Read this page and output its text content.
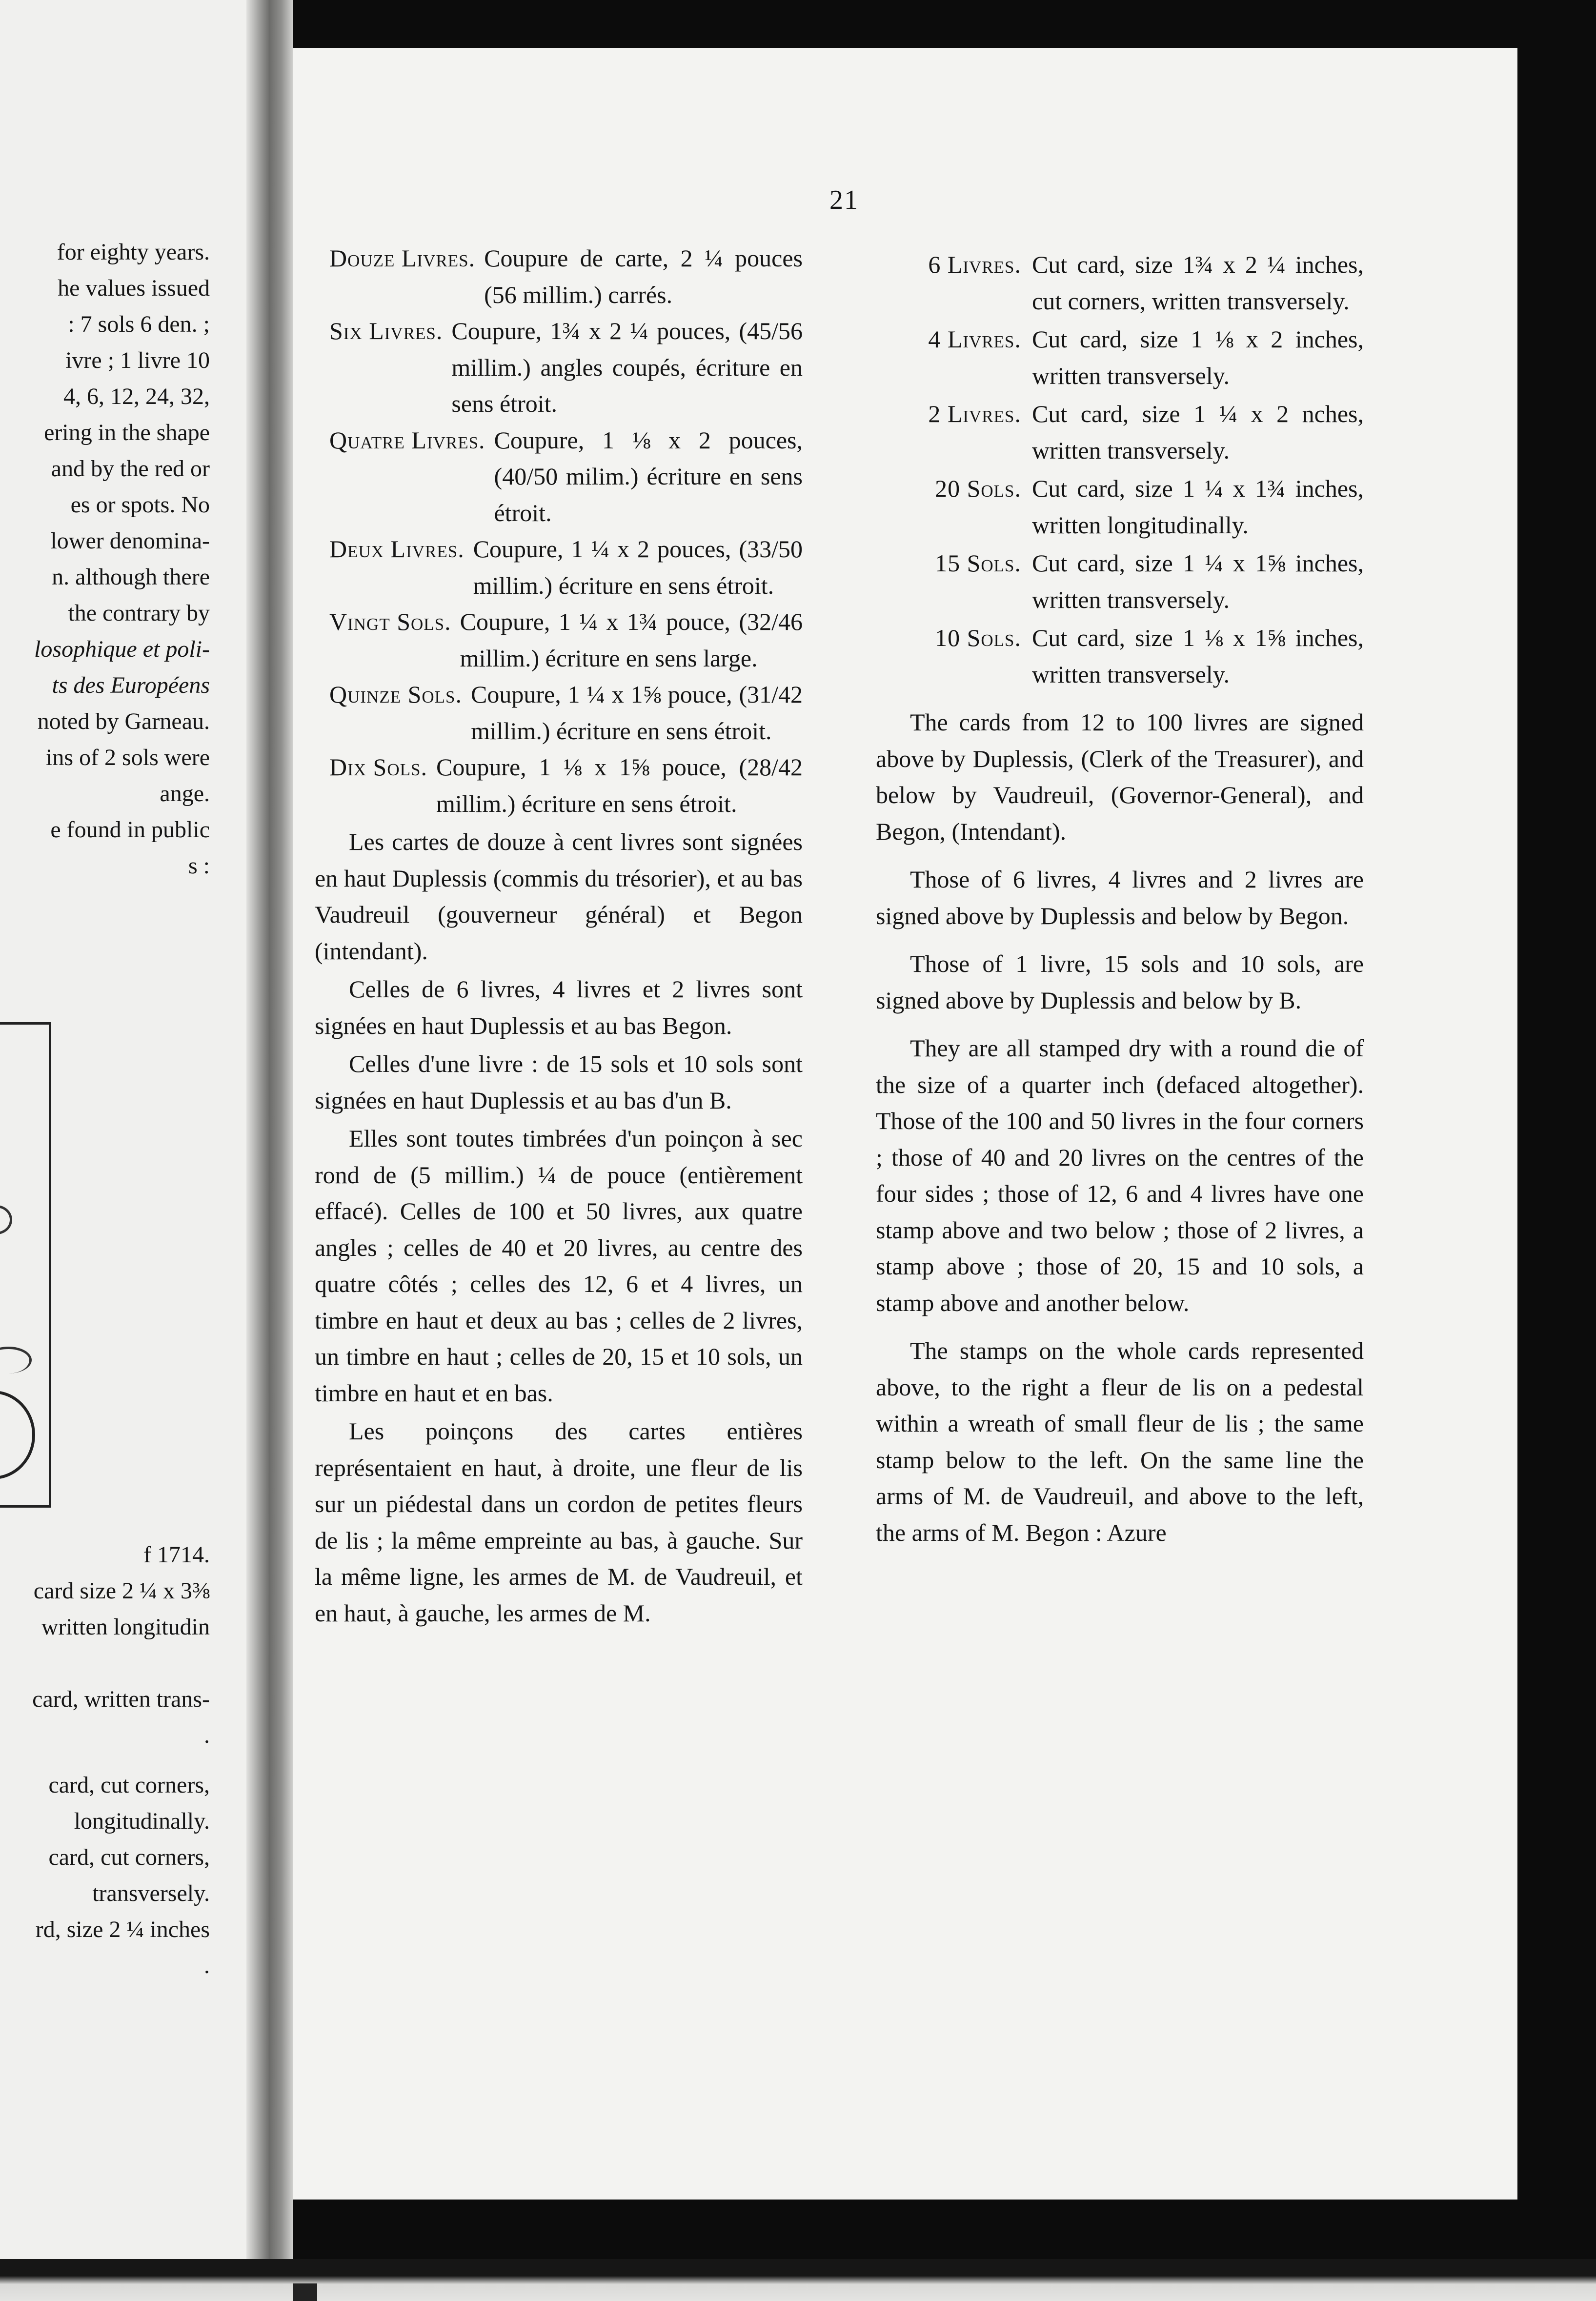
for eighty years.
he values issued
: 7 sols 6 den. ;
ivre ; 1 livre 10
4, 6, 12, 24, 32,
ering in the shape
and by the red or
es or spots. No
lower denomina-
n. although there
the contrary by
losophique et poli-
ts des Européens
noted by Garneau.
ins of 2 sols were
ange.
e found in public
s :
f 1714.
card size 2 ¼ x 3⅜
written longitudin
card, written trans-
.
card, cut corners,
longitudinally.
card, cut corners,
transversely.
rd, size 2 ¼ inches
.
21
Douze Livres. Coupure de carte, 2 ¼ pouces (56 millim.) carrés.
Six Livres. Coupure, 1¾ x 2 ¼ pouces, (45/56 millim.) angles coupés, écriture en sens étroit.
Quatre Livres. Coupure, 1 ⅛ x 2 pouces, (40/50 milim.) écriture en sens étroit.
Deux Livres. Coupure, 1 ¼ x 2 pouces, (33/50 millim.) écriture en sens étroit.
Vingt Sols. Coupure, 1 ¼ x 1¾ pouce, (32/46 millim.) écriture en sens large.
Quinze Sols. Coupure, 1 ¼ x 1⅝ pouce, (31/42 millim.) écriture en sens étroit.
Dix Sols. Coupure, 1 ⅛ x 1⅝ pouce, (28/42 millim.) écriture en sens étroit.

Les cartes de douze à cent livres sont signées en haut Duplessis (commis du trésorier), et au bas Vaudreuil (gouverneur général) et Begon (intendant).

Celles de 6 livres, 4 livres et 2 livres sont signées en haut Duplessis et au bas Begon.

Celles d'une livre : de 15 sols et 10 sols sont signées en haut Duplessis et au bas d'un B.

Elles sont toutes timbrées d'un poinçon à sec rond de (5 millim.) ¼ de pouce (entièrement effacé). Celles de 100 et 50 livres, aux quatre angles ; celles de 40 et 20 livres, au centre des quatre côtés ; celles des 12, 6 et 4 livres, un timbre en haut et deux au bas ; celles de 2 livres, un timbre en haut ; celles de 20, 15 et 10 sols, un timbre en haut et en bas.

Les poinçons des cartes entières représentaient en haut, à droite, une fleur de lis sur un piédestal dans un cordon de petites fleurs de lis ; la même empreinte au bas, à gauche. Sur la même ligne, les armes de M. de Vaudreuil, et en haut, à gauche, les armes de M.

6 Livres. Cut card, size 1¾ x 2 ¼ inches, cut corners, written transversely.
4 Livres. Cut card, size 1 ⅛ x 2 inches, written transversely.
2 Livres. Cut card, size 1 ¼ x 2 nches, written transversely.
20 Sols. Cut card, size 1 ¼ x 1¾ inches, written longitudinally.
15 Sols. Cut card, size 1 ¼ x 1⅝ inches, written transversely.
10 Sols. Cut card, size 1 ⅛ x 1⅝ inches, written transversely.

The cards from 12 to 100 livres are signed above by Duplessis, (Clerk of the Treasurer), and below by Vaudreuil, (Governor-General), and Begon, (Intendant).

Those of 6 livres, 4 livres and 2 livres are signed above by Duplessis and below by Begon.

Those of 1 livre, 15 sols and 10 sols, are signed above by Duplessis and below by B.

They are all stamped dry with a round die of the size of a quarter inch (defaced altogether). Those of the 100 and 50 livres in the four corners ; those of 40 and 20 livres on the centres of the four sides ; those of 12, 6 and 4 livres have one stamp above and two below ; those of 2 livres, a stamp above ; those of 20, 15 and 10 sols, a stamp above and another below.

The stamps on the whole cards represented above, to the right a fleur de lis on a pedestal within a wreath of small fleur de lis ; the same stamp below to the left. On the same line the arms of M. de Vaudreuil, and above to the left, the arms of M. Begon : Azure
